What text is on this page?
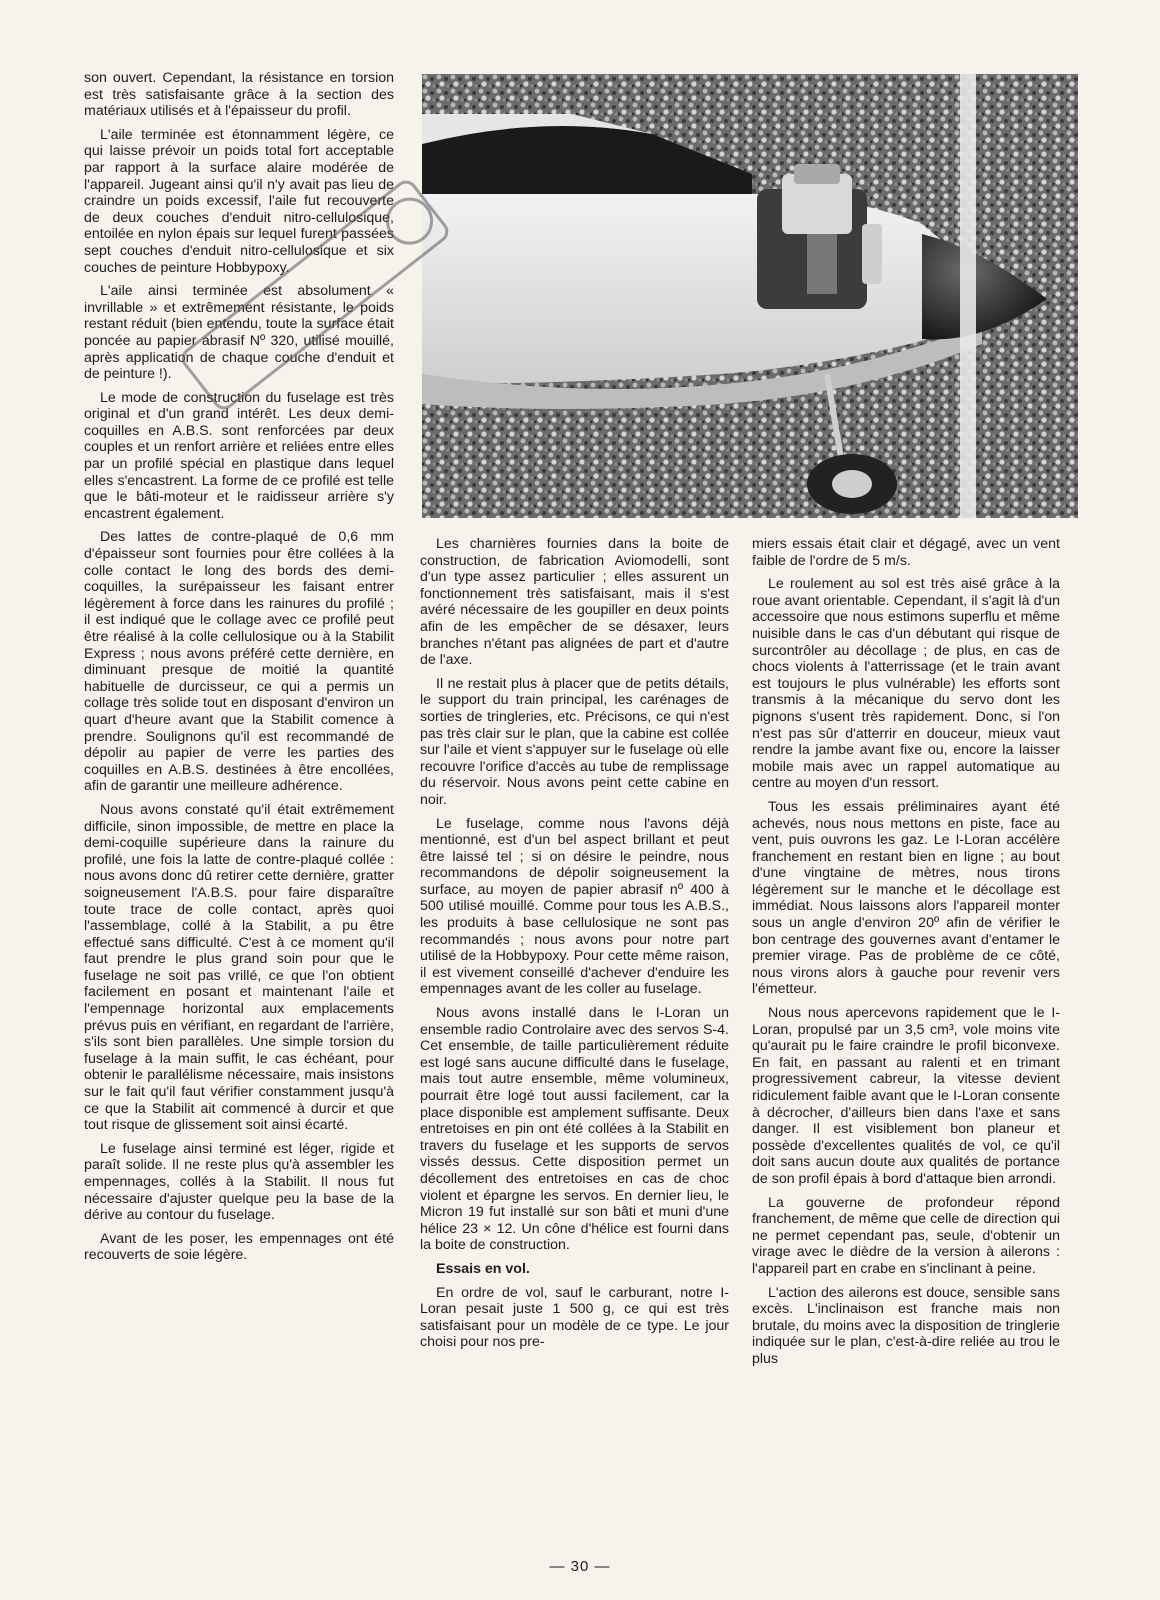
son ouvert. Cependant, la résistance en torsion est très satisfaisante grâce à la section des matériaux utilisés et à l'épaisseur du profil.

L'aile terminée est étonnamment légère, ce qui laisse prévoir un poids total fort acceptable par rapport à la surface alaire modérée de l'appareil. Jugeant ainsi qu'il n'y avait pas lieu de craindre un poids excessif, l'aile fut recouverte de deux couches d'enduit nitro-cellulosique, entoilée en nylon épais sur lequel furent passées sept couches d'enduit nitro-cellulosique et six couches de peinture Hobbypoxy.

L'aile ainsi terminée est absolument « invrillable » et extrêmement résistante, le poids restant réduit (bien entendu, toute la surface était poncée au papier abrasif Nº 320, utilisé mouillé, après application de chaque couche d'enduit et de peinture !).

Le mode de construction du fuselage est très original et d'un grand intérêt. Les deux demi-coquilles en A.B.S. sont renforcées par deux couples et un renfort arrière et reliées entre elles par un profilé spécial en plastique dans lequel elles s'encastrent. La forme de ce profilé est telle que le bâti-moteur et le raidisseur arrière s'y encastrent également.

Des lattes de contre-plaqué de 0,6 mm d'épaisseur sont fournies pour être collées à la colle contact le long des bords des demi-coquilles, la surépaisseur les faisant entrer légèrement à force dans les rainures du profilé ; il est indiqué que le collage avec ce profilé peut être réalisé à la colle cellulosique ou à la Stabilit Express ; nous avons préféré cette dernière, en diminuant presque de moitié la quantité habituelle de durcisseur, ce qui a permis un collage très solide tout en disposant d'environ un quart d'heure avant que la Stabilit comence à prendre. Soulignons qu'il est recommandé de dépolir au papier de verre les parties des coquilles en A.B.S. destinées à être encollées, afin de garantir une meilleure adhérence.

Nous avons constaté qu'il était extrêmement difficile, sinon impossible, de mettre en place la demi-coquille supérieure dans la rainure du profilé, une fois la latte de contre-plaqué collée : nous avons donc dû retirer cette dernière, gratter soigneusement l'A.B.S. pour faire disparaître toute trace de colle contact, après quoi l'assemblage, collé à la Stabilit, a pu être effectué sans difficulté. C'est à ce moment qu'il faut prendre le plus grand soin pour que le fuselage ne soit pas vrillé, ce que l'on obtient facilement en posant et maintenant l'aile et l'empennage horizontal aux emplacements prévus puis en vérifiant, en regardant de l'arrière, s'ils sont bien parallèles. Une simple torsion du fuselage à la main suffit, le cas échéant, pour obtenir le parallélisme nécessaire, mais insistons sur le fait qu'il faut vérifier constamment jusqu'à ce que la Stabilit ait commencé à durcir et que tout risque de glissement soit ainsi écarté.

Le fuselage ainsi terminé est léger, rigide et paraît solide. Il ne reste plus qu'à assembler les empennages, collés à la Stabilit. Il nous fut nécessaire d'ajuster quelque peu la base de la dérive au contour du fuselage.

Avant de les poser, les empennages ont été recouverts de soie légère.

Les charnières fournies dans la boite de construction, de fabrication Aviomodelli, sont d'un type assez particulier ; elles assurent un fonctionnement très satisfaisant, mais il s'est avéré nécessaire de les goupiller en deux points afin de les empêcher de se désaxer, leurs branches n'étant pas alignées de part et d'autre de l'axe.

Il ne restait plus à placer que de petits détails, le support du train principal, les carénages de sorties de tringleries, etc. Précisons, ce qui n'est pas très clair sur le plan, que la cabine est collée sur l'aile et vient s'appuyer sur le fuselage où elle recouvre l'orifice d'accès au tube de remplissage du réservoir. Nous avons peint cette cabine en noir.

Le fuselage, comme nous l'avons déjà mentionné, est d'un bel aspect brillant et peut être laissé tel ; si on désire le peindre, nous recommandons de dépolir soigneusement la surface, au moyen de papier abrasif nº 400 à 500 utilisé mouillé. Comme pour tous les A.B.S., les produits à base cellulosique ne sont pas recommandés ; nous avons pour notre part utilisé de la Hobbypoxy. Pour cette même raison, il est vivement conseillé d'achever d'enduire les empennages avant de les coller au fuselage.

Nous avons installé dans le I-Loran un ensemble radio Controlaire avec des servos S-4. Cet ensemble, de taille particulièrement réduite est logé sans aucune difficulté dans le fuselage, mais tout autre ensemble, même volumineux, pourrait être logé tout aussi facilement, car la place disponible est amplement suffisante. Deux entretoises en pin ont été collées à la Stabilit en travers du fuselage et les supports de servos vissés dessus. Cette disposition permet un décollement des entretoises en cas de choc violent et épargne les servos. En dernier lieu, le Micron 19 fut installé sur son bâti et muni d'une hélice 23 × 12. Un cône d'hélice est fourni dans la boite de construction.

Essais en vol.

En ordre de vol, sauf le carburant, notre I-Loran pesait juste 1 500 g, ce qui est très satisfaisant pour un modèle de ce type. Le jour choisi pour nos pre-

miers essais était clair et dégagé, avec un vent faible de l'ordre de 5 m/s.

Le roulement au sol est très aisé grâce à la roue avant orientable. Cependant, il s'agit là d'un accessoire que nous estimons superflu et même nuisible dans le cas d'un débutant qui risque de surcontrôler au décollage ; de plus, en cas de chocs violents à l'atterrissage (et le train avant est toujours le plus vulnérable) les efforts sont transmis à la mécanique du servo dont les pignons s'usent très rapidement. Donc, si l'on n'est pas sûr d'atterrir en douceur, mieux vaut rendre la jambe avant fixe ou, encore la laisser mobile mais avec un rappel automatique au centre au moyen d'un ressort.

Tous les essais préliminaires ayant été achevés, nous nous mettons en piste, face au vent, puis ouvrons les gaz. Le I-Loran accélère franchement en restant bien en ligne ; au bout d'une vingtaine de mètres, nous tirons légèrement sur le manche et le décollage est immédiat. Nous laissons alors l'appareil monter sous un angle d'environ 20º afin de vérifier le bon centrage des gouvernes avant d'entamer le premier virage. Pas de problème de ce côté, nous virons alors à gauche pour revenir vers l'émetteur.

Nous nous apercevons rapidement que le I-Loran, propulsé par un 3,5 cm³, vole moins vite qu'aurait pu le faire craindre le profil biconvexe. En fait, en passant au ralenti et en trimant progressivement cabreur, la vitesse devient ridiculement faible avant que le I-Loran consente à décrocher, d'ailleurs bien dans l'axe et sans danger. Il est visiblement bon planeur et possède d'excellentes qualités de vol, ce qu'il doit sans aucun doute aux qualités de portance de son profil épais à bord d'attaque bien arrondi.

La gouverne de profondeur répond franchement, de même que celle de direction qui ne permet cependant pas, seule, d'obtenir un virage avec le dièdre de la version à ailerons : l'appareil part en crabe en s'inclinant à peine.

L'action des ailerons est douce, sensible sans excès. L'inclinaison est franche mais non brutale, du moins avec la disposition de tringlerie indiquée sur le plan, c'est-à-dire reliée au trou le plus

— 30 —
